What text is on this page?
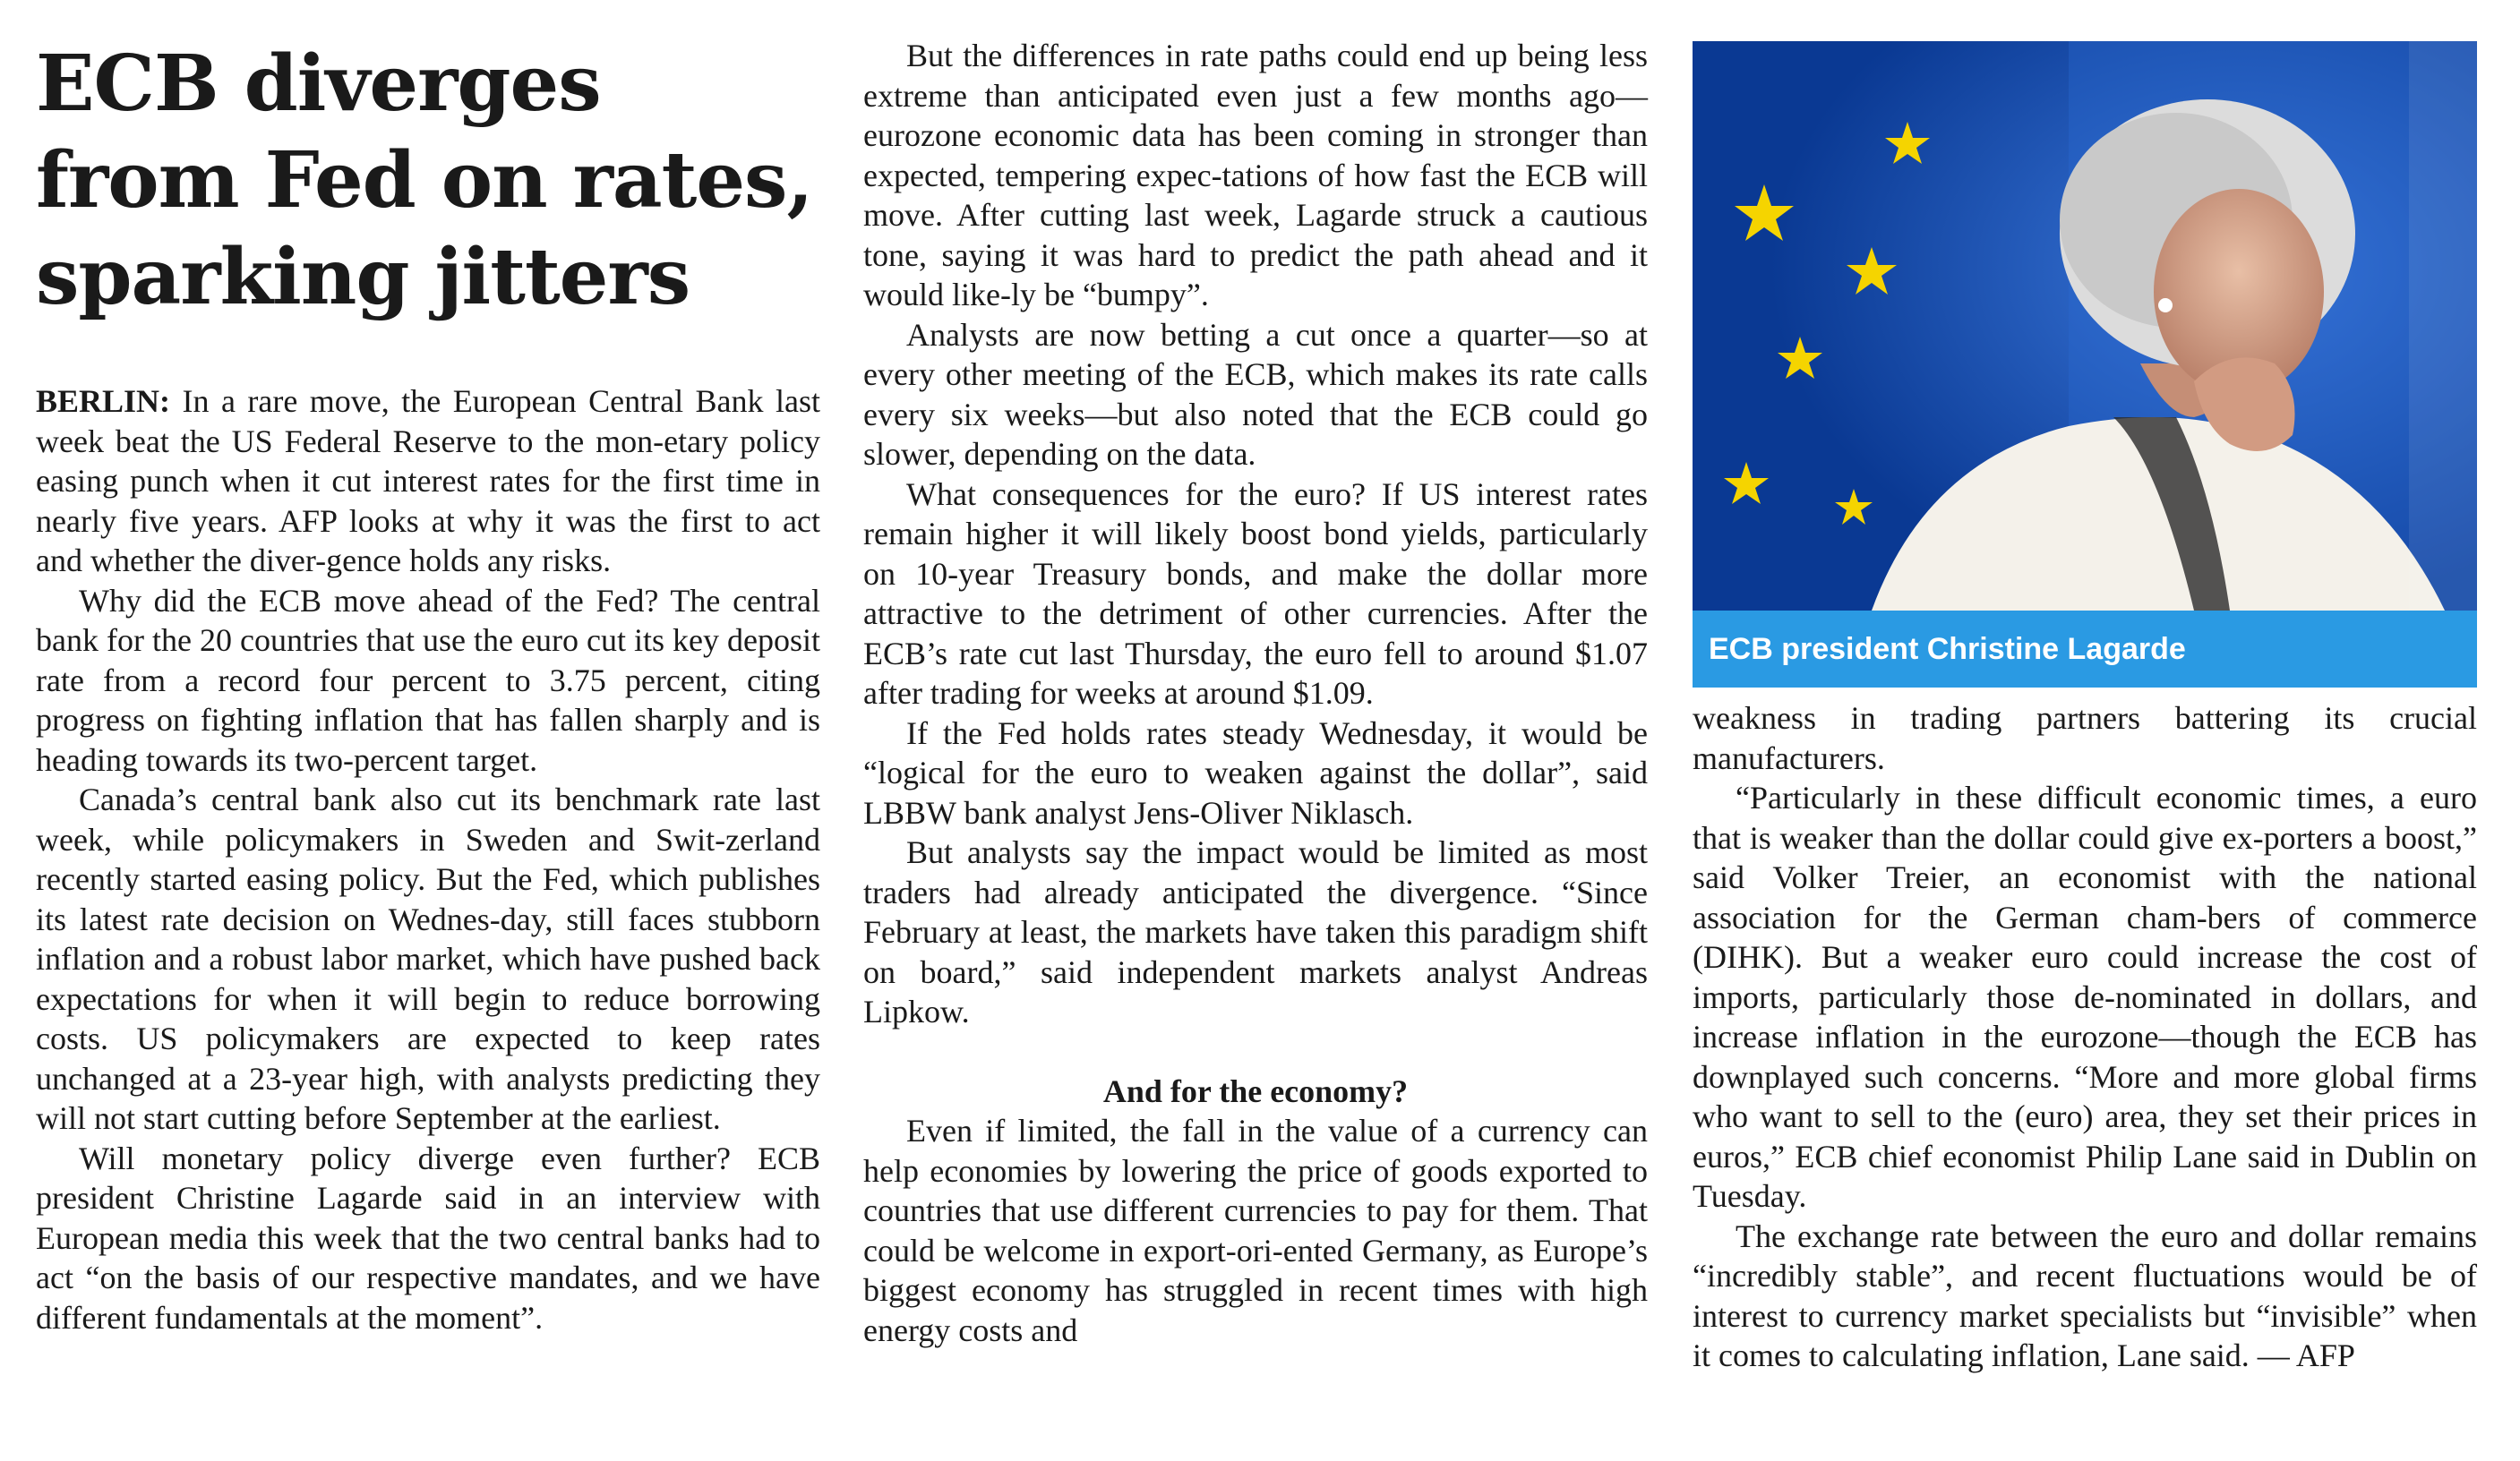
ECB diverges from Fed on rates, sparking jitters

BERLIN: In a rare move, the European Central Bank last week beat the US Federal Reserve to the mon-etary policy easing punch when it cut interest rates for the first time in nearly five years. AFP looks at why it was the first to act and whether the diver-gence holds any risks.

Why did the ECB move ahead of the Fed? The central bank for the 20 countries that use the euro cut its key deposit rate from a record four percent to 3.75 percent, citing progress on fighting inflation that has fallen sharply and is heading towards its two-percent target.

Canada’s central bank also cut its benchmark rate last week, while policymakers in Sweden and Swit-zerland recently started easing policy. But the Fed, which publishes its latest rate decision on Wednes-day, still faces stubborn inflation and a robust labor market, which have pushed back expectations for when it will begin to reduce borrowing costs. US policymakers are expected to keep rates unchanged at a 23-year high, with analysts predicting they will not start cutting before September at the earliest.

Will monetary policy diverge even further? ECB president Christine Lagarde said in an interview with European media this week that the two central banks had to act “on the basis of our respective mandates, and we have different fundamentals at the moment”.

But the differences in rate paths could end up being less extreme than anticipated even just a few months ago—eurozone economic data has been coming in stronger than expected, tempering expec-tations of how fast the ECB will move. After cutting last week, Lagarde struck a cautious tone, saying it was hard to predict the path ahead and it would like-ly be “bumpy”.

Analysts are now betting a cut once a quarter—so at every other meeting of the ECB, which makes its rate calls every six weeks—but also noted that the ECB could go slower, depending on the data.

What consequences for the euro? If US interest rates remain higher it will likely boost bond yields, particularly on 10-year Treasury bonds, and make the dollar more attractive to the detriment of other currencies. After the ECB’s rate cut last Thursday, the euro fell to around $1.07 after trading for weeks at around $1.09.

If the Fed holds rates steady Wednesday, it would be “logical for the euro to weaken against the dollar”, said LBBW bank analyst Jens-Oliver Niklasch.

But analysts say the impact would be limited as most traders had already anticipated the divergence. “Since February at least, the markets have taken this paradigm shift on board,” said independent markets analyst Andreas Lipkow.

And for the economy?

Even if limited, the fall in the value of a currency can help economies by lowering the price of goods exported to countries that use different currencies to pay for them. That could be welcome in export-ori-ented Germany, as Europe’s biggest economy has struggled in recent times with high energy costs and

ECB president Christine Lagarde

weakness in trading partners battering its crucial manufacturers.

“Particularly in these difficult economic times, a euro that is weaker than the dollar could give ex-porters a boost,” said Volker Treier, an economist with the national association for the German cham-bers of commerce (DIHK). But a weaker euro could increase the cost of imports, particularly those de-nominated in dollars, and increase inflation in the eurozone—though the ECB has downplayed such concerns. “More and more global firms who want to sell to the (euro) area, they set their prices in euros,” ECB chief economist Philip Lane said in Dublin on Tuesday.

The exchange rate between the euro and dollar remains “incredibly stable”, and recent fluctuations would be of interest to currency market specialists but “invisible” when it comes to calculating inflation, Lane said. — AFP
